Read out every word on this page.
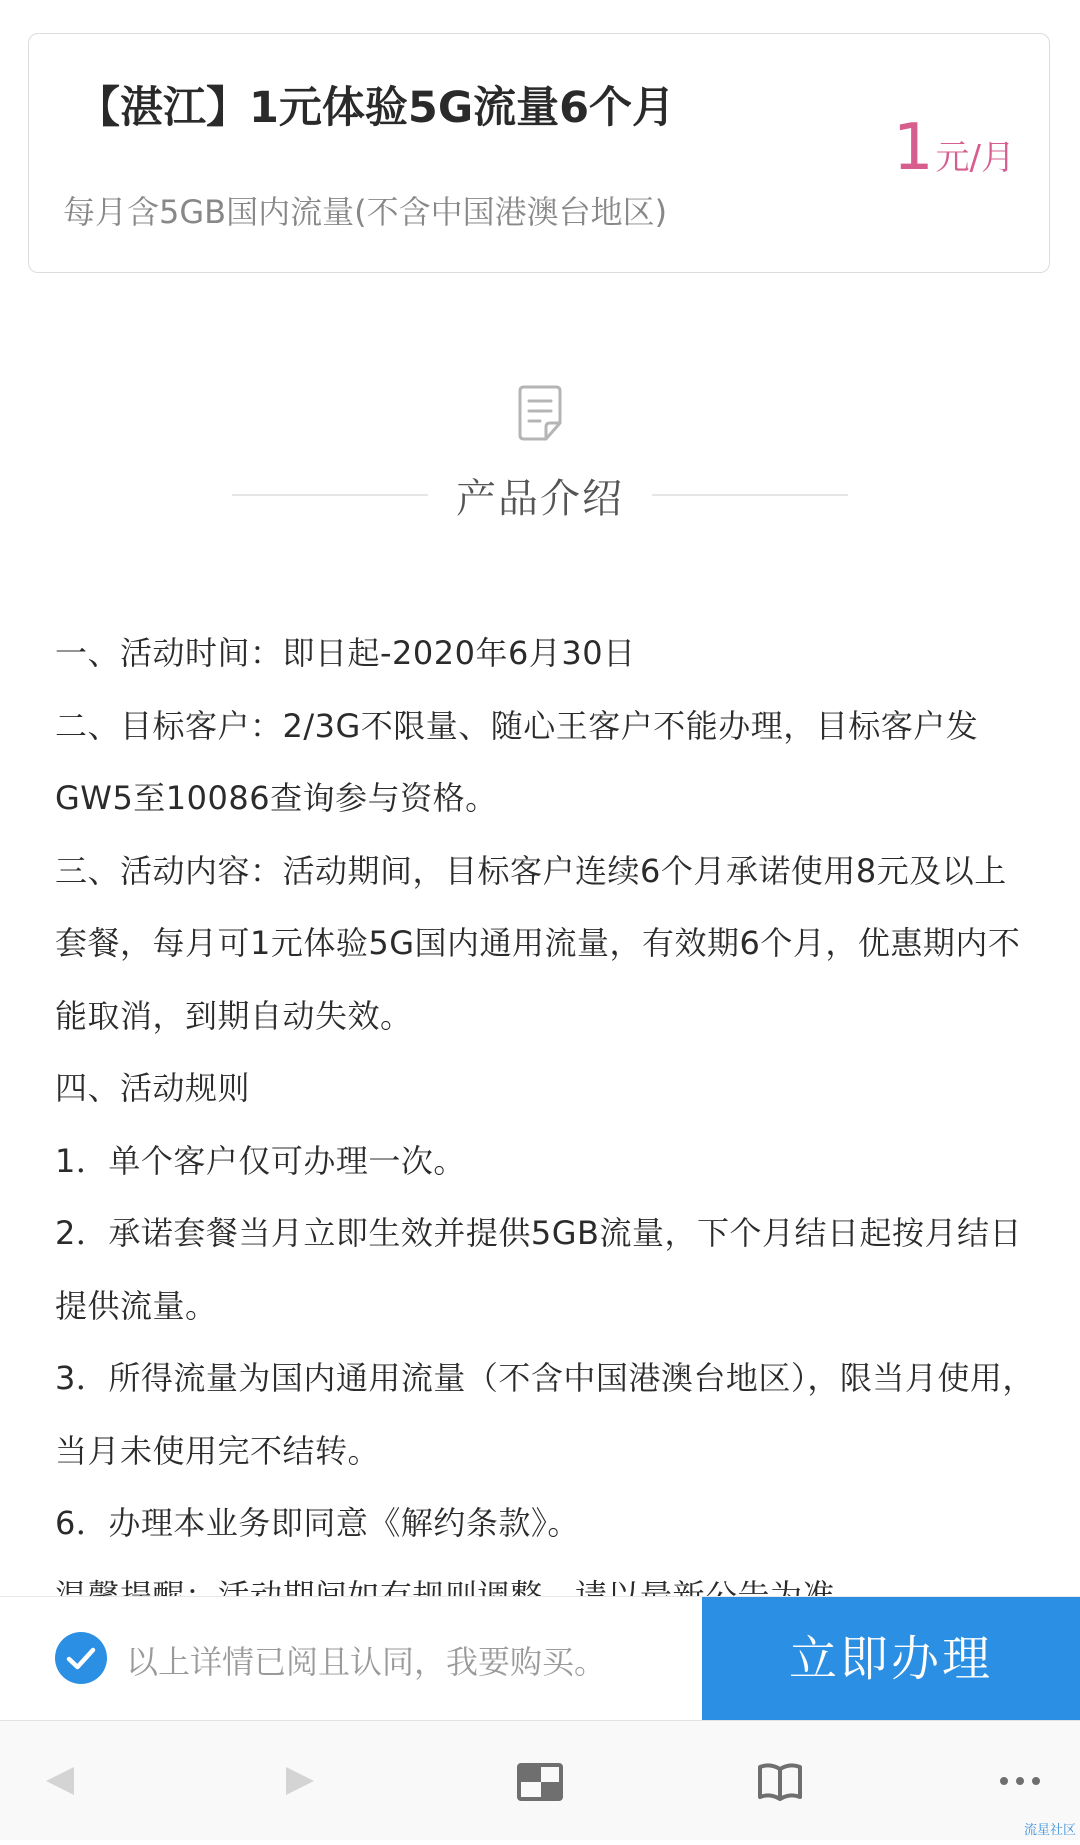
【湛江】1元体验5G流量6个月
1元/月
每月含5GB国内流量(不含中国港澳台地区)
产品介绍

一、活动时间：即日起-2020年6月30日

二、目标客户：2/3G不限量、随心王客户不能办理，目标客户发GW5至10086查询参与资格。

三、活动内容：活动期间，目标客户连续6个月承诺使用8元及以上套餐，每月可1元体验5G国内通用流量，有效期6个月，优惠期内不能取消，到期自动失效。

四、活动规则

1．单个客户仅可办理一次。

2．承诺套餐当月立即生效并提供5GB流量，下个月结日起按月结日提供流量。

3．所得流量为国内通用流量（不含中国港澳台地区），限当月使用，当月未使用完不结转。

6．办理本业务即同意《解约条款》。

以上详情已阅且认同，我要购买。	立即办理
流星社区
